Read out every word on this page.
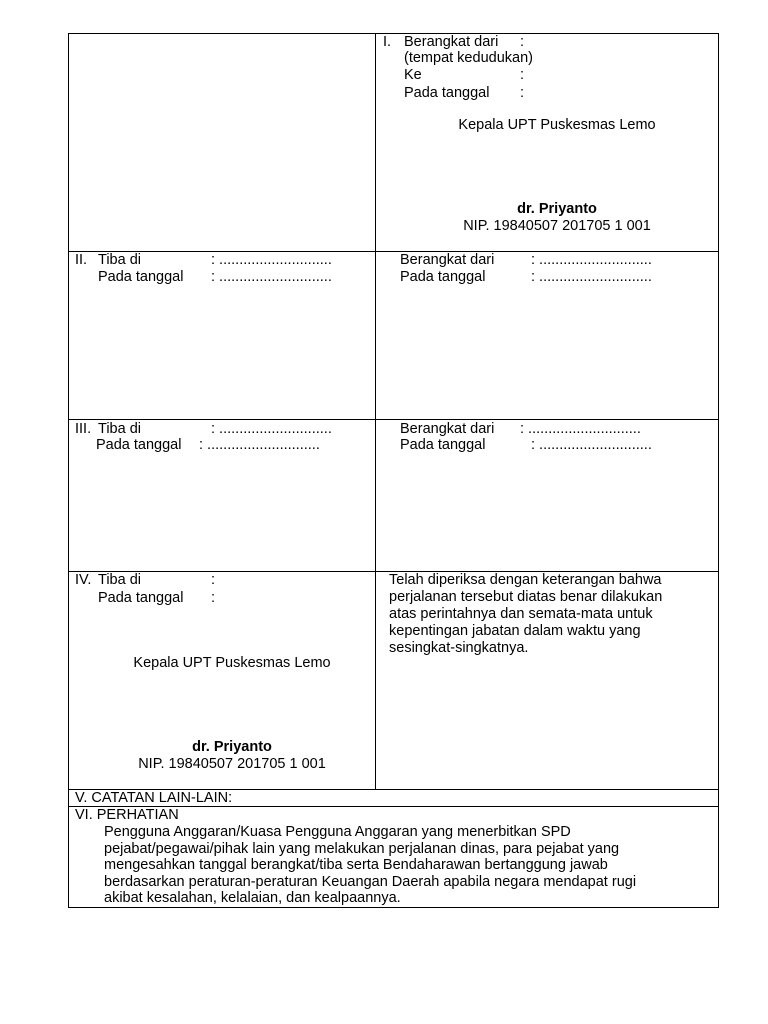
I. Berangkat dari :
(tempat kedudukan)
Ke	:
Pada tanggal :
Kepala UPT Puskesmas Lemo
dr. Priyanto
NIP. 19840507 201705 1 001
II. Tiba di	: ............................
Pada tanggal : ............................
Berangkat dari	: ............................
Pada tanggal	: ............................
III. Tiba di	: ............................
Pada tanggal : ............................
Berangkat dari : ............................
Pada tanggal	: ............................
IV. Tiba di	:
Pada tanggal :
Kepala UPT Puskesmas Lemo
dr. Priyanto
NIP. 19840507 201705 1 001
Telah diperiksa dengan keterangan bahwa
perjalanan tersebut diatas benar dilakukan
atas perintahnya dan semata-mata untuk
kepentingan jabatan dalam waktu yang
sesingkat-singkatnya.
V. CATATAN LAIN-LAIN:
VI. PERHATIAN
Pengguna Anggaran/Kuasa Pengguna Anggaran yang menerbitkan SPD
pejabat/pegawai/pihak lain yang melakukan perjalanan dinas, para pejabat yang
mengesahkan tanggal berangkat/tiba serta Bendaharawan bertanggung jawab
berdasarkan peraturan-peraturan Keuangan Daerah apabila negara mendapat rugi
akibat kesalahan, kelalaian, dan kealpaannya.
